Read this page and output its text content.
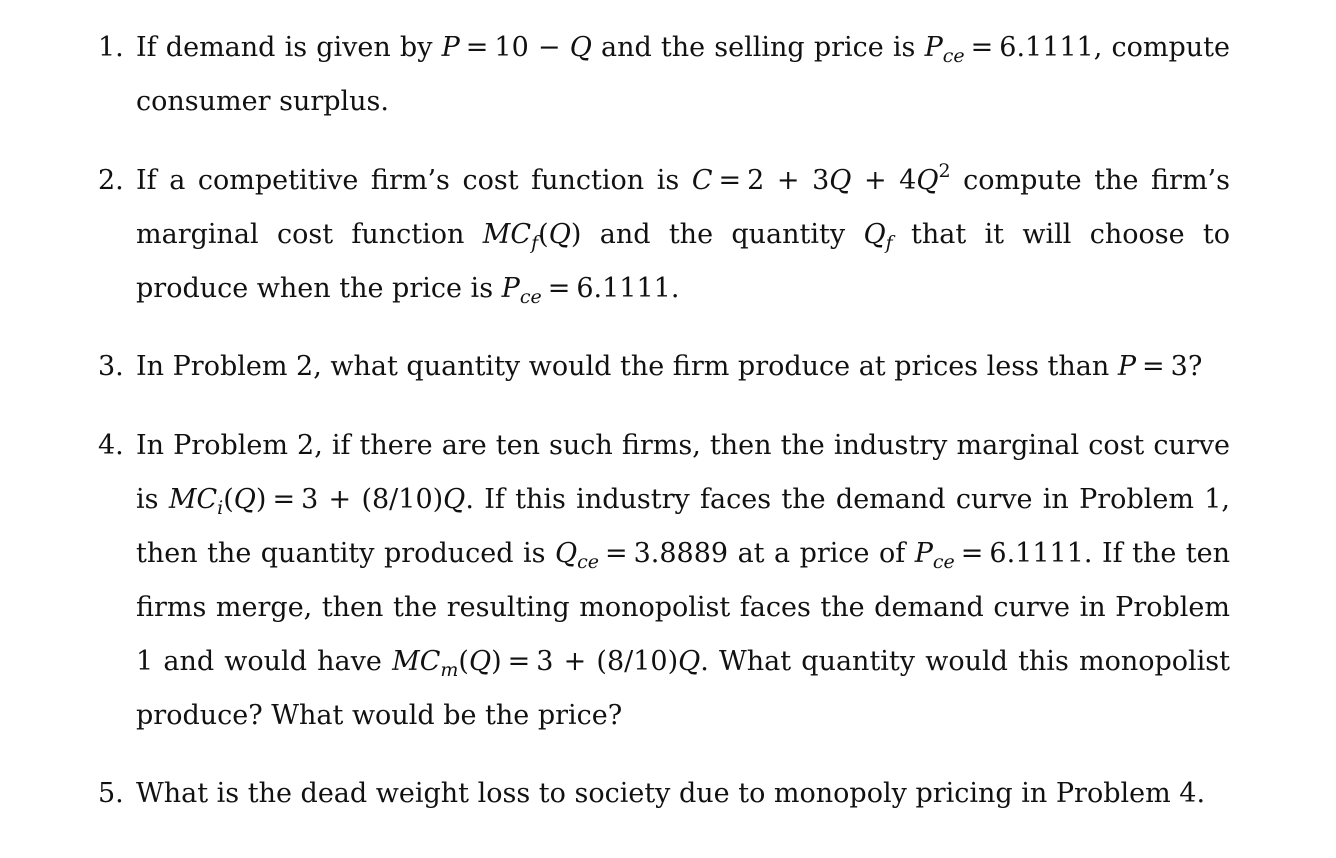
1. If demand is given by P = 10 − Q and the selling price is $P_{ce} = 6.1111$, compute consumer surplus.
2. If a competitive firm’s cost function is $C = 2 + 3Q + 4Q^2$ compute the firm’s marginal cost function $MC_f(Q)$ and the quantity $Q_f$ that it will choose to produce when the price is $P_{ce} = 6.1111$.
3. In Problem 2, what quantity would the firm produce at prices less than P = 3?
4. In Problem 2, if there are ten such firms, then the industry marginal cost curve is $MC_i(Q) = 3 + (8/10)Q$. If this industry faces the demand curve in Problem 1, then the quantity produced is $Q_{ce} = 3.8889$ at a price of $P_{ce} = 6.1111$. If the ten firms merge, then the resulting monopolist faces the demand curve in Problem 1 and would have $MC_m(Q) = 3 + (8/10)Q$. What quantity would this monopolist produce? What would be the price?
5. What is the dead weight loss to society due to monopoly pricing in Problem 4.
